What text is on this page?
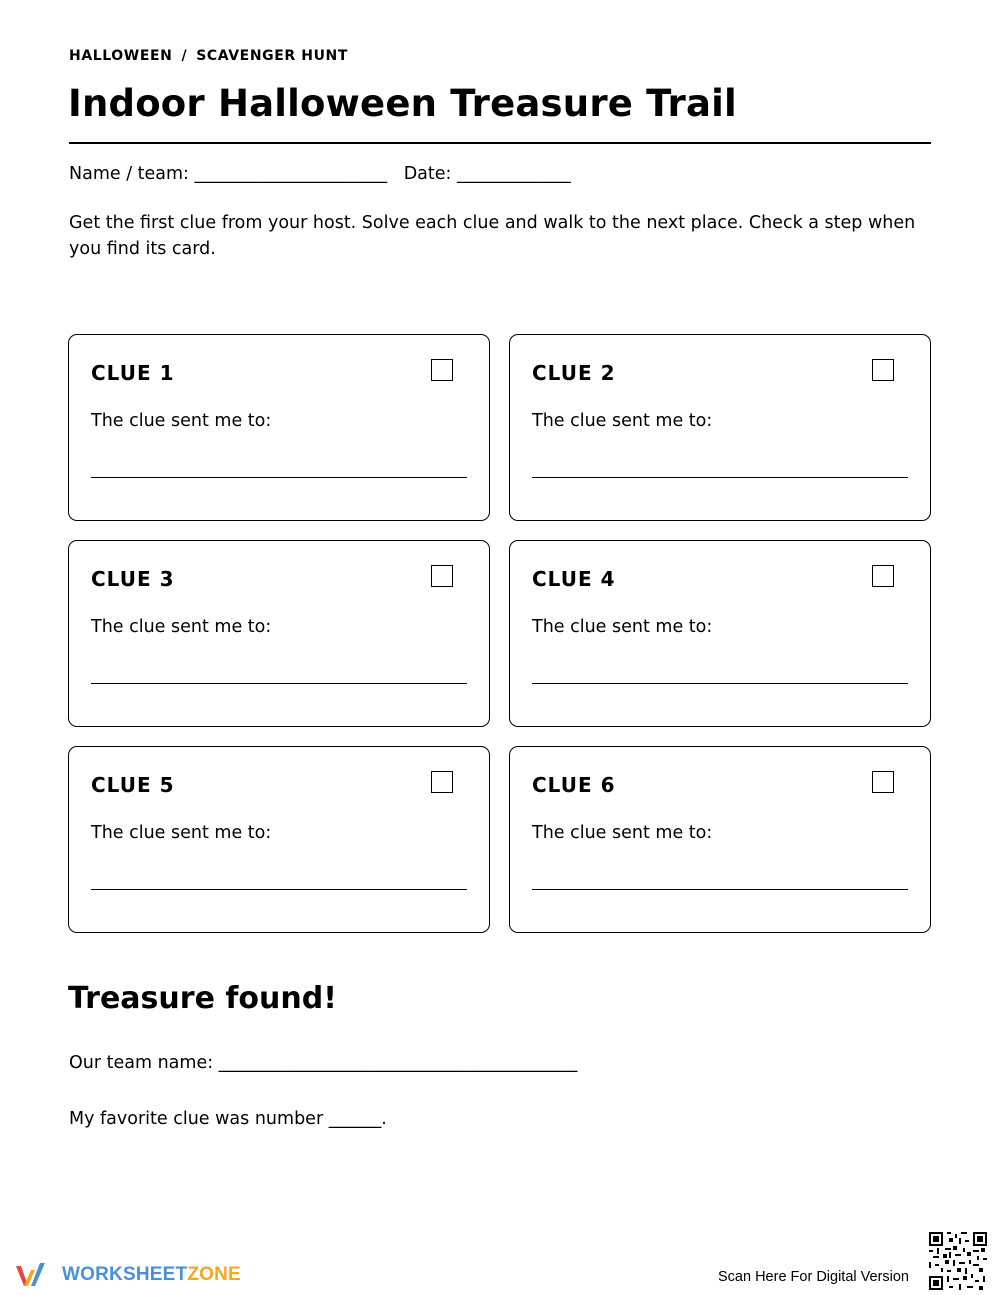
HALLOWEEN / SCAVENGER HUNT
Indoor Halloween Treasure Trail
Name / team: ______________________   Date: _____________
Get the first clue from your host. Solve each clue and walk to the next place. Check a step when you find its card.
CLUE 1
The clue sent me to:
CLUE 2
The clue sent me to:
CLUE 3
The clue sent me to:
CLUE 4
The clue sent me to:
CLUE 5
The clue sent me to:
CLUE 6
The clue sent me to:
Treasure found!
Our team name: _________________________________________
My favorite clue was number ______.
WORKSHEETZONE	Scan Here For Digital Version
